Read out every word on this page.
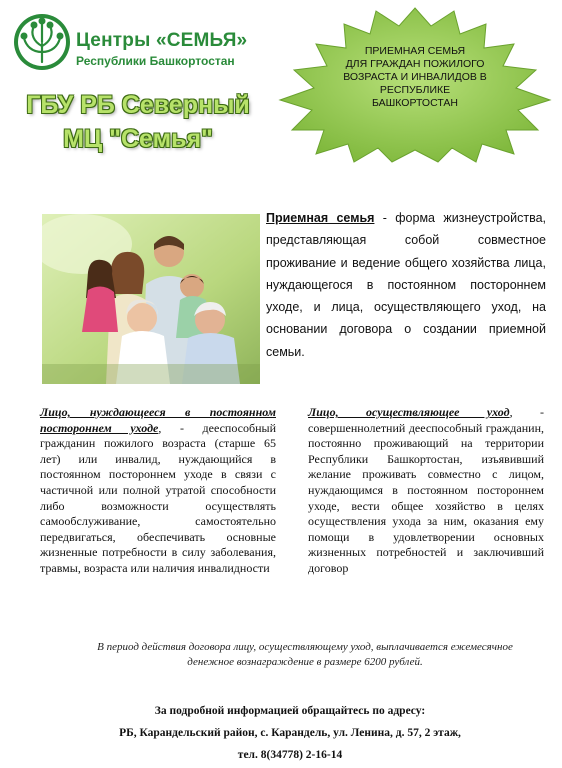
Центры «СЕМЬЯ»
Республики Башкортостан
ГБУ РБ Северный
МЦ "Семья"
ПРИЕМНАЯ СЕМЬЯ
ДЛЯ ГРАЖДАН ПОЖИЛОГО
ВОЗРАСТА И ИНВАЛИДОВ В
РЕСПУБЛИКЕ
БАШКОРТОСТАН
Приемная семья - форма жизнеустройства, представляющая собой совместное проживание и ведение общего хозяйства лица, нуждающегося в постоянном постороннем уходе, и лица, осуществляющего уход, на основании договора о создании приемной семьи.
Лицо, нуждающееся в постоянном постороннем уходе, - дееспособный гражданин пожилого возраста (старше 65 лет) или инвалид, нуждающийся в постоянном постороннем уходе в связи с частичной или полной утратой способности либо возможности осуществлять самообслуживание, самостоятельно передвигаться, обеспечивать основные жизненные потребности в силу заболевания, травмы, возраста или наличия инвалидности
Лицо, осуществляющее уход, - совершеннолетний дееспособный гражданин, постоянно проживающий на территории Республики Башкортостан, изъявивший желание проживать совместно с лицом, нуждающимся в постоянном постороннем уходе, вести общее хозяйство в целях осуществления ухода за ним, оказания ему помощи в удовлетворении основных жизненных потребностей и заключивший договор
В период действия договора лицу, осуществляющему уход, выплачивается ежемесячное
денежное вознаграждение в размере 6200 рублей.
За подробной информацией обращайтесь по адресу:
РБ, Карандельский район, с. Карандель, ул. Ленина, д. 57, 2 этаж,
тел. 8(34778) 2-16-14
